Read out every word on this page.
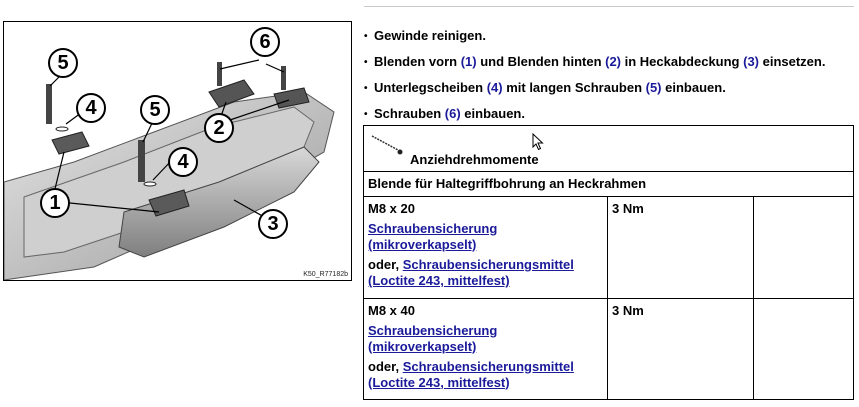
5
4	5
4
1
2
6
3
K50_R77182b
• Gewinde reinigen.
• Blenden vorn (1) und Blenden hinten (2) in Heckabdeckung (3) einsetzen.
• Unterlegscheiben (4) mit langen Schrauben (5) einbauen.
• Schrauben (6) einbauen.
Anziehdrehmomente		

Blende für Haltegriffbohrung an Heckrahmen		

M8 x 20
Schraubensicherung
(mikroverkapselt)
oder, Schraubensicherungsmittel
(Loctite 243, mittelfest)	3 Nm	

M8 x 40
Schraubensicherung
(mikroverkapselt)
oder, Schraubensicherungsmittel
(Loctite 243, mittelfest)	3 Nm	
